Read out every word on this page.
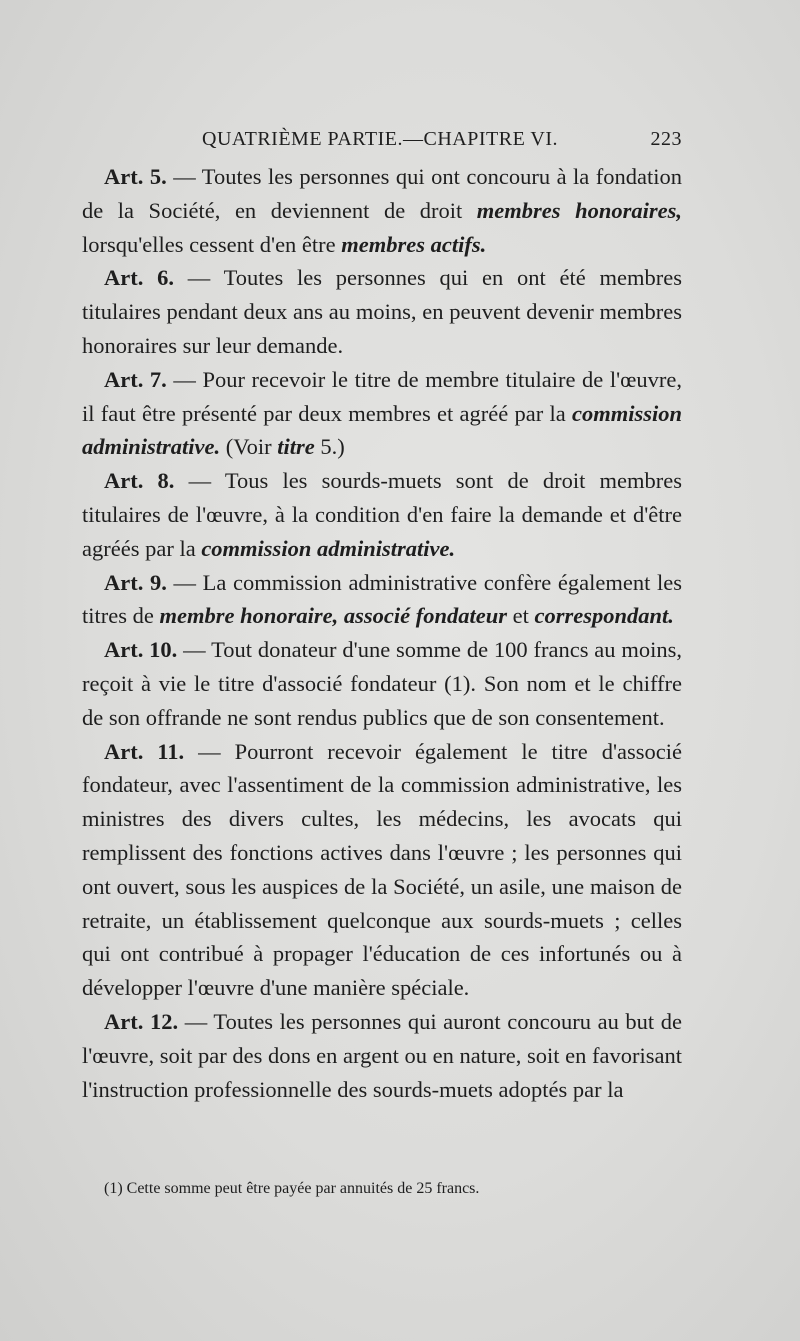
QUATRIÈME PARTIE.—CHAPITRE VI.	223

Art. 5. — Toutes les personnes qui ont concouru à la fondation de la Société, en deviennent de droit membres honoraires, lorsqu'elles cessent d'en être membres actifs.

Art. 6. — Toutes les personnes qui en ont été membres titulaires pendant deux ans au moins, en peuvent devenir membres honoraires sur leur demande.

Art. 7. — Pour recevoir le titre de membre titulaire de l'œuvre, il faut être présenté par deux membres et agréé par la commission administrative. (Voir titre 5.)

Art. 8. — Tous les sourds-muets sont de droit membres titulaires de l'œuvre, à la condition d'en faire la demande et d'être agréés par la commission administrative.

Art. 9. — La commission administrative confère également les titres de membre honoraire, associé fondateur et correspondant.

Art. 10. — Tout donateur d'une somme de 100 francs au moins, reçoit à vie le titre d'associé fondateur (1). Son nom et le chiffre de son offrande ne sont rendus publics que de son consentement.

Art. 11. — Pourront recevoir également le titre d'associé fondateur, avec l'assentiment de la commission administrative, les ministres des divers cultes, les médecins, les avocats qui remplissent des fonctions actives dans l'œuvre ; les personnes qui ont ouvert, sous les auspices de la Société, un asile, une maison de retraite, un établissement quelconque aux sourds-muets ; celles qui ont contribué à propager l'éducation de ces infortunés ou à développer l'œuvre d'une manière spéciale.

Art. 12. — Toutes les personnes qui auront concouru au but de l'œuvre, soit par des dons en argent ou en nature, soit en favorisant l'instruction professionnelle des sourds-muets adoptés par la

(1) Cette somme peut être payée par annuités de 25 francs.
